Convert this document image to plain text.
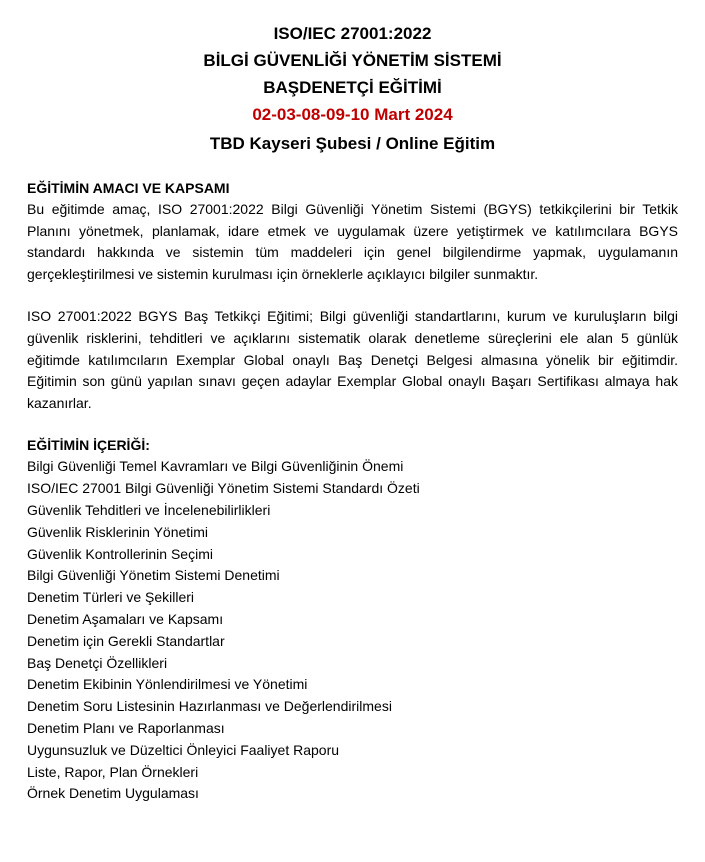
ISO/IEC 27001:2022
BİLGİ GÜVENLİĞİ YÖNETİM SİSTEMİ
BAŞDENETÇİ EĞİTİMİ
02-03-08-09-10 Mart 2024
TBD Kayseri Şubesi / Online Eğitim
EĞİTİMİN AMACI VE KAPSAMI

Bu eğitimde amaç, ISO 27001:2022 Bilgi Güvenliği Yönetim Sistemi (BGYS) tetkikçilerini bir Tetkik Planını yönetmek, planlamak, idare etmek ve uygulamak üzere yetiştirmek ve katılımcılara BGYS standardı hakkında ve sistemin tüm maddeleri için genel bilgilendirme yapmak, uygulamanın gerçekleştirilmesi ve sistemin kurulması için örneklerle açıklayıcı bilgiler sunmaktır.

ISO 27001:2022 BGYS Baş Tetkikçi Eğitimi; Bilgi güvenliği standartlarını, kurum ve kuruluşların bilgi güvenlik risklerini, tehditleri ve açıklarını sistematik olarak denetleme süreçlerini ele alan 5 günlük eğitimde katılımcıların Exemplar Global onaylı Baş Denetçi Belgesi almasına yönelik bir eğitimdir. Eğitimin son günü yapılan sınavı geçen adaylar Exemplar Global onaylı Başarı Sertifikası almaya hak kazanırlar.

EĞİTİMİN İÇERİĞİ:
Bilgi Güvenliği Temel Kavramları ve Bilgi Güvenliğinin Önemi
ISO/IEC 27001 Bilgi Güvenliği Yönetim Sistemi Standardı Özeti
Güvenlik Tehditleri ve İncelenebilirlikleri
Güvenlik Risklerinin Yönetimi
Güvenlik Kontrollerinin Seçimi
Bilgi Güvenliği Yönetim Sistemi Denetimi
Denetim Türleri ve Şekilleri
Denetim Aşamaları ve Kapsamı
Denetim için Gerekli Standartlar
Baş Denetçi Özellikleri
Denetim Ekibinin Yönlendirilmesi ve Yönetimi
Denetim Soru Listesinin Hazırlanması ve Değerlendirilmesi
Denetim Planı ve Raporlanması
Uygunsuzluk ve Düzeltici Önleyici Faaliyet Raporu
Liste, Rapor, Plan Örnekleri
Örnek Denetim Uygulaması
